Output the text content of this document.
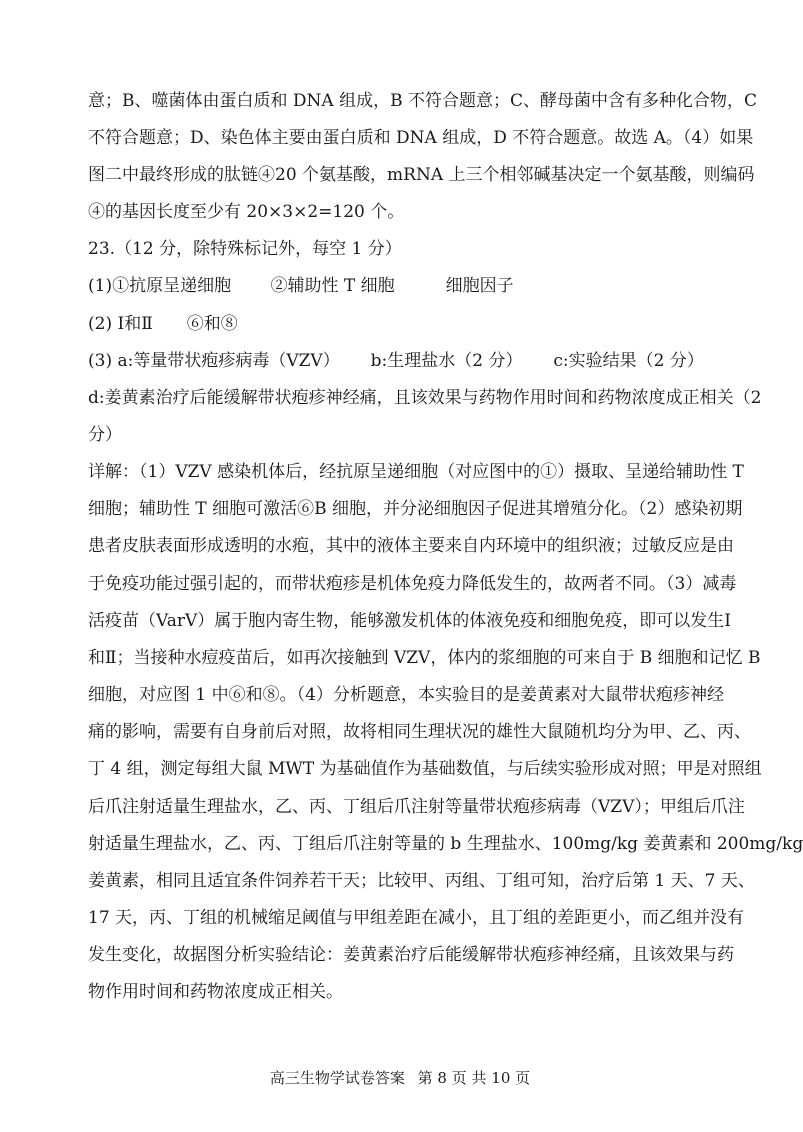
意；B、噬菌体由蛋白质和 DNA 组成，B 不符合题意；C、酵母菌中含有多种化合物，C
不符合题意；D、染色体主要由蛋白质和 DNA 组成，D 不符合题意。故选 A。（4）如果
图二中最终形成的肽链④20 个氨基酸，mRNA 上三个相邻碱基决定一个氨基酸，则编码
④的基因长度至少有 20×3×2=120 个。
23.（12 分，除特殊标记外，每空 1 分）
(1)①抗原呈递细胞　　 ②辅助性 T 细胞　　　细胞因子
(2) Ⅰ和Ⅱ　　⑥和⑧
(3) a:等量带状疱疹病毒（VZV）　　 b:生理盐水（2 分）　　 c:实验结果（2 分）
d:姜黄素治疗后能缓解带状疱疹神经痛，且该效果与药物作用时间和药物浓度成正相关（2
分）
详解：（1）VZV 感染机体后，经抗原呈递细胞（对应图中的①）摄取、呈递给辅助性 T
细胞；辅助性 T 细胞可激活⑥B 细胞，并分泌细胞因子促进其增殖分化。（2）感染初期
患者皮肤表面形成透明的水疱，其中的液体主要来自内环境中的组织液；过敏反应是由
于免疫功能过强引起的，而带状疱疹是机体免疫力降低发生的，故两者不同。（3）减毒
活疫苗（VarV）属于胞内寄生物，能够激发机体的体液免疫和细胞免疫，即可以发生Ⅰ
和Ⅱ；当接种水痘疫苗后，如再次接触到 VZV，体内的浆细胞的可来自于 B 细胞和记忆 B
细胞，对应图 1 中⑥和⑧。（4）分析题意，本实验目的是姜黄素对大鼠带状疱疹神经
痛的影响，需要有自身前后对照，故将相同生理状况的雄性大鼠随机均分为甲、乙、丙、
丁 4 组，测定每组大鼠 MWT 为基础值作为基础数值，与后续实验形成对照；甲是对照组
后爪注射适量生理盐水，乙、丙、丁组后爪注射等量带状疱疹病毒（VZV）；甲组后爪注
射适量生理盐水，乙、丙、丁组后爪注射等量的 b 生理盐水、100mg/kg 姜黄素和 200mg/kg
姜黄素，相同且适宜条件饲养若干天；比较甲、丙组、丁组可知，治疗后第 1 天、7 天、
17 天，丙、丁组的机械缩足阈值与甲组差距在减小，且丁组的差距更小，而乙组并没有
发生变化，故据图分析实验结论：姜黄素治疗后能缓解带状疱疹神经痛，且该效果与药
物作用时间和药物浓度成正相关。
高三生物学试卷答案 第 8 页 共 10 页
